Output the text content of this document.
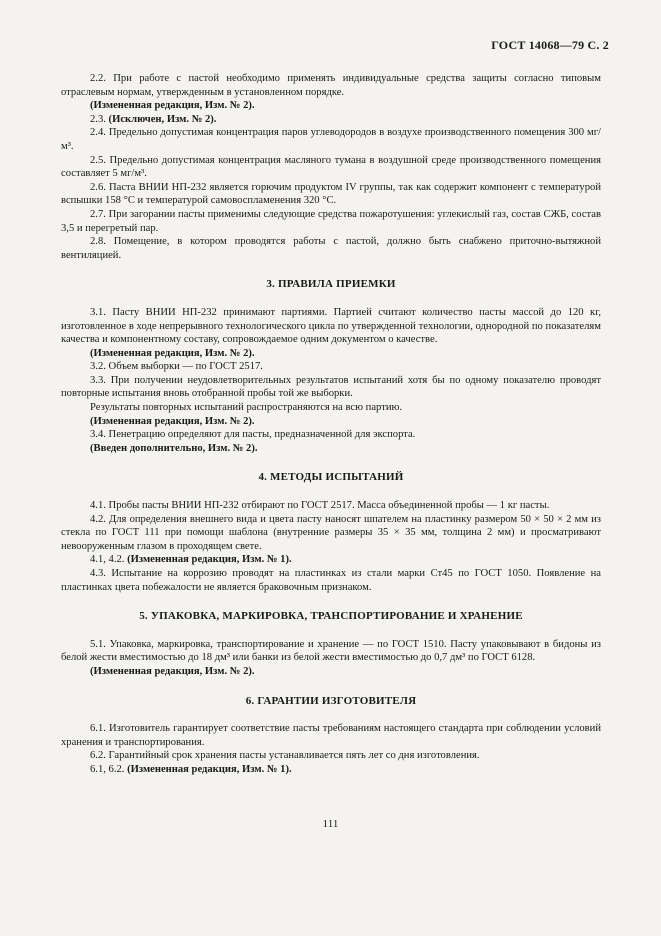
ГОСТ 14068—79 С. 2

2.2. При работе с пастой необходимо применять индивидуальные средства защиты согласно типовым отраслевым нормам, утвержденным в установленном порядке.

(Измененная редакция, Изм. № 2).

2.3. (Исключен, Изм. № 2).

2.4. Предельно допустимая концентрация паров углеводородов в воздухе производственного помещения 300 мг/м³.

2.5. Предельно допустимая концентрация масляного тумана в воздушной среде производственного помещения составляет 5 мг/м³.

2.6. Паста ВНИИ НП-232 является горючим продуктом IV группы, так как содержит компонент с температурой вспышки 158 °С и температурой самовоспламенения 320 °С.

2.7. При загорании пасты применимы следующие средства пожаротушения: углекислый газ, состав СЖБ, состав 3,5 и перегретый пар.

2.8. Помещение, в котором проводятся работы с пастой, должно быть снабжено приточно-вытяжной вентиляцией.

3. ПРАВИЛА ПРИЕМКИ

3.1. Пасту ВНИИ НП-232 принимают партиями. Партией считают количество пасты массой до 120 кг, изготовленное в ходе непрерывного технологического цикла по утвержденной технологии, однородной по показателям качества и компонентному составу, сопровождаемое одним документом о качестве.

(Измененная редакция, Изм. № 2).

3.2. Объем выборки — по ГОСТ 2517.

3.3. При получении неудовлетворительных результатов испытаний хотя бы по одному показателю проводят повторные испытания вновь отобранной пробы той же выборки.

Результаты повторных испытаний распространяются на всю партию.

(Измененная редакция, Изм. № 2).

3.4. Пенетрацию определяют для пасты, предназначенной для экспорта.

(Введен дополнительно, Изм. № 2).

4. МЕТОДЫ ИСПЫТАНИЙ

4.1. Пробы пасты ВНИИ НП-232 отбирают по ГОСТ 2517. Масса объединенной пробы — 1 кг пасты.

4.2. Для определения внешнего вида и цвета пасту наносят шпателем на пластинку размером 50 × 50 × 2 мм из стекла по ГОСТ 111 при помощи шаблона (внутренние размеры 35 × 35 мм, толщина 2 мм) и просматривают невооруженным глазом в проходящем свете.

4.1, 4.2. (Измененная редакция, Изм. № 1).

4.3. Испытание на коррозию проводят на пластинках из стали марки Ст45 по ГОСТ 1050. Появление на пластинках цвета побежалости не является браковочным признаком.

5. УПАКОВКА, МАРКИРОВКА, ТРАНСПОРТИРОВАНИЕ И ХРАНЕНИЕ

5.1. Упаковка, маркировка, транспортирование и хранение — по ГОСТ 1510. Пасту упаковывают в бидоны из белой жести вместимостью до 18 дм³ или банки из белой жести вместимостью до 0,7 дм³ по ГОСТ 6128.

(Измененная редакция, Изм. № 2).

6. ГАРАНТИИ ИЗГОТОВИТЕЛЯ

6.1. Изготовитель гарантирует соответствие пасты требованиям настоящего стандарта при соблюдении условий хранения и транспортирования.

6.2. Гарантийный срок хранения пасты устанавливается пять лет со дня изготовления.

6.1, 6.2. (Измененная редакция, Изм. № 1).

111
